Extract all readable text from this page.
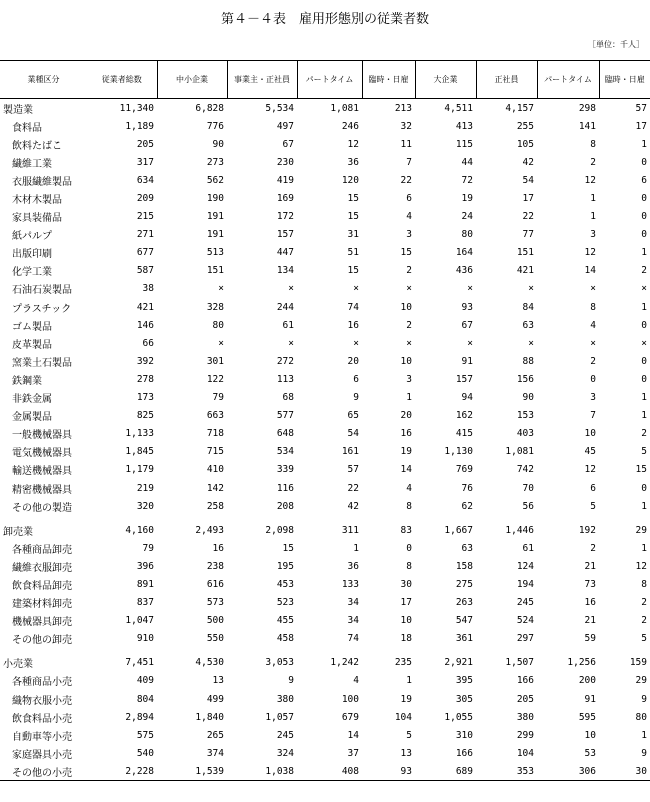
第４－４表　雇用形態別の従業者数
［単位：千人］
業種区分	従業者総数	中小企業	事業主・正社員	パートタイム	臨時・日雇	大企業	正社員	パートタイム	臨時・日雇
製造業	11,340	6,828	5,534	1,081	213	4,511	4,157	298	57
食料品	1,189	776	497	246	32	413	255	141	17
飲料たばこ	205	90	67	12	11	115	105	8	1
繊維工業	317	273	230	36	7	44	42	2	0
衣服繊維製品	634	562	419	120	22	72	54	12	6
木材木製品	209	190	169	15	6	19	17	1	0
家具装備品	215	191	172	15	4	24	22	1	0
紙パルプ	271	191	157	31	3	80	77	3	0
出版印刷	677	513	447	51	15	164	151	12	1
化学工業	587	151	134	15	2	436	421	14	2
石油石炭製品	38	×	×	×	×	×	×	×	×
プラスチック	421	328	244	74	10	93	84	8	1
ゴム製品	146	80	61	16	2	67	63	4	0
皮革製品	66	×	×	×	×	×	×	×	×
窯業土石製品	392	301	272	20	10	91	88	2	0
鉄鋼業	278	122	113	6	3	157	156	0	0
非鉄金属	173	79	68	9	1	94	90	3	1
金属製品	825	663	577	65	20	162	153	7	1
一般機械器具	1,133	718	648	54	16	415	403	10	2
電気機械器具	1,845	715	534	161	19	1,130	1,081	45	5
輸送機械器具	1,179	410	339	57	14	769	742	12	15
精密機械器具	219	142	116	22	4	76	70	6	0
その他の製造	320	258	208	42	8	62	56	5	1

卸売業	4,160	2,493	2,098	311	83	1,667	1,446	192	29
各種商品卸売	79	16	15	1	0	63	61	2	1
繊維衣服卸売	396	238	195	36	8	158	124	21	12
飲食料品卸売	891	616	453	133	30	275	194	73	8
建築材料卸売	837	573	523	34	17	263	245	16	2
機械器具卸売	1,047	500	455	34	10	547	524	21	2
その他の卸売	910	550	458	74	18	361	297	59	5

小売業	7,451	4,530	3,053	1,242	235	2,921	1,507	1,256	159
各種商品小売	409	13	9	4	1	395	166	200	29
織物衣服小売	804	499	380	100	19	305	205	91	9
飲食料品小売	2,894	1,840	1,057	679	104	1,055	380	595	80
自動車等小売	575	265	245	14	5	310	299	10	1
家庭器具小売	540	374	324	37	13	166	104	53	9
その他の小売	2,228	1,539	1,038	408	93	689	353	306	30
